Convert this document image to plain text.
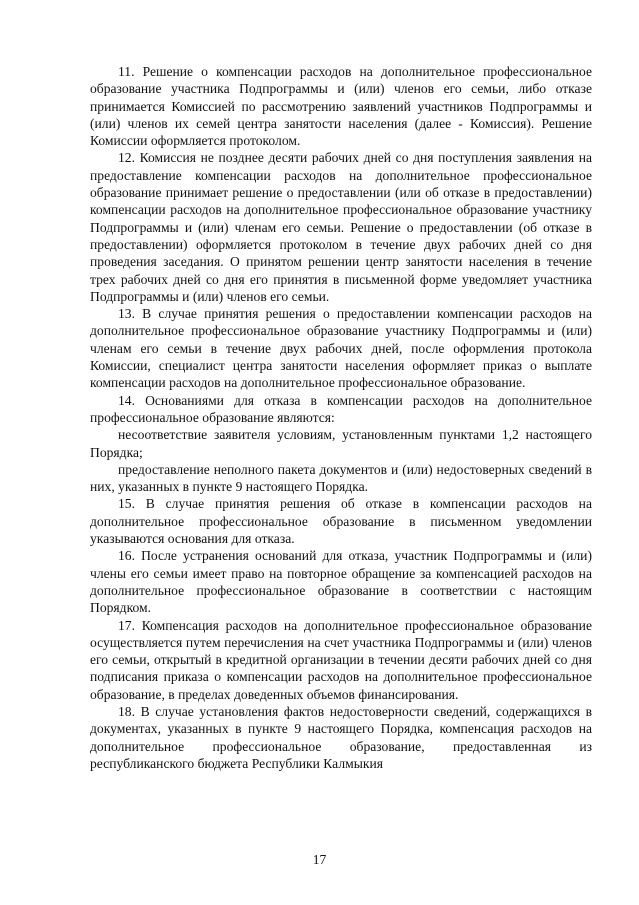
11. Решение о компенсации расходов на дополнительное профессиональное образование участника Подпрограммы и (или) членов его семьи, либо отказе принимается Комиссией по рассмотрению заявлений участников Подпрограммы и (или) членов их семей центра занятости населения (далее - Комиссия). Решение Комиссии оформляется протоколом.

12. Комиссия не позднее десяти рабочих дней со дня поступления заявления на предоставление компенсации расходов на дополнительное профессиональное образование принимает решение о предоставлении (или об отказе в предоставлении) компенсации расходов на дополнительное профессиональное образование участнику Подпрограммы и (или) членам его семьи. Решение о предоставлении (об отказе в предоставлении) оформляется протоколом в течение двух рабочих дней со дня проведения заседания. О принятом решении центр занятости населения в течение трех рабочих дней со дня его принятия в письменной форме уведомляет участника Подпрограммы и (или) членов его семьи.

13. В случае принятия решения о предоставлении компенсации расходов на дополнительное профессиональное образование участнику Подпрограммы и (или) членам его семьи в течение двух рабочих дней, после оформления протокола Комиссии, специалист центра занятости населения оформляет приказ о выплате компенсации расходов на дополнительное профессиональное образование.

14. Основаниями для отказа в компенсации расходов на дополнительное профессиональное образование являются:

несоответствие заявителя условиям, установленным пунктами 1,2 настоящего Порядка;

предоставление неполного пакета документов и (или) недостоверных сведений в них, указанных в пункте 9 настоящего Порядка.

15. В случае принятия решения об отказе в компенсации расходов на дополнительное профессиональное образование в письменном уведомлении указываются основания для отказа.

16. После устранения оснований для отказа, участник Подпрограммы и (или) члены его семьи имеет право на повторное обращение за компенсацией расходов на дополнительное профессиональное образование в соответствии с настоящим Порядком.

17. Компенсация расходов на дополнительное профессиональное образование осуществляется путем перечисления на счет участника Подпрограммы и (или) членов его семьи, открытый в кредитной организации в течении десяти рабочих дней со дня подписания приказа о компенсации расходов на дополнительное профессиональное образование, в пределах доведенных объемов финансирования.

18. В случае установления фактов недостоверности сведений, содержащихся в документах, указанных в пункте 9 настоящего Порядка, компенсация расходов на дополнительное профессиональное образование, предоставленная из республиканского бюджета Республики Калмыкия

17
